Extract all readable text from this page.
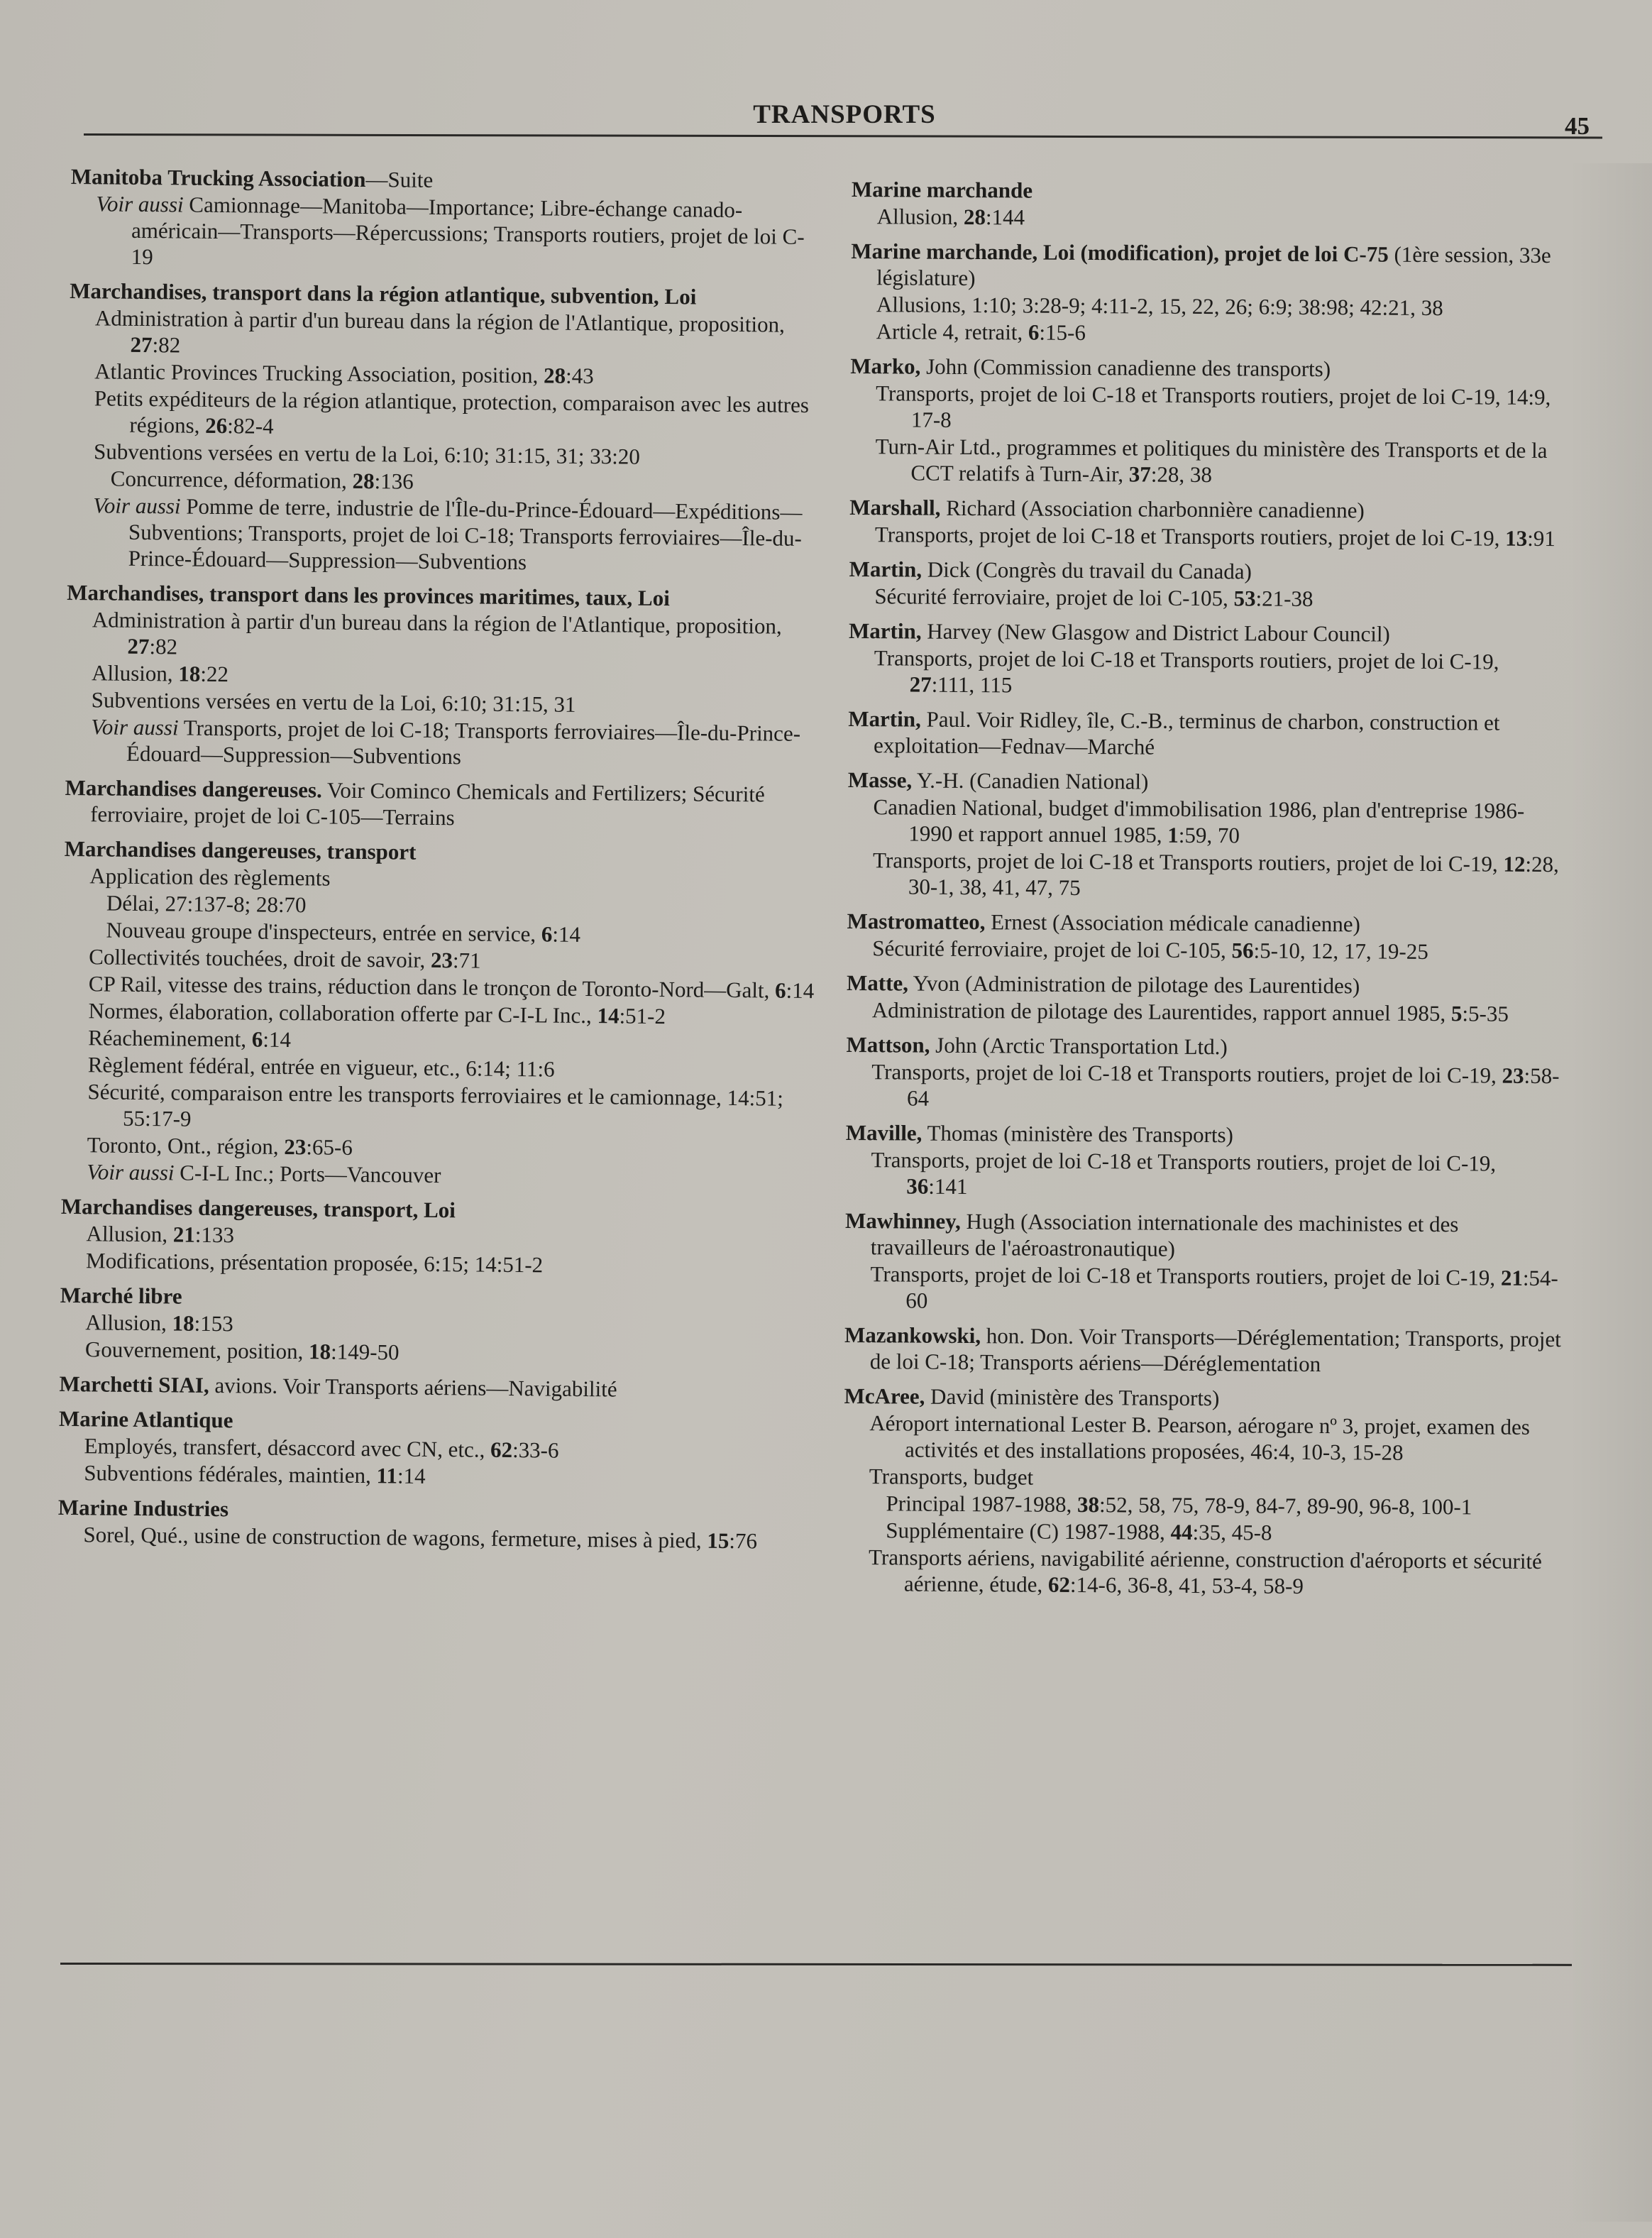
TRANSPORTS	45
Manitoba Trucking Association—Suite
Voir aussi Camionnage—Manitoba—Importance; Libre-échange canado-américain—Transports—Répercussions; Transports routiers, projet de loi C-19
Marchandises, transport dans la région atlantique, subvention, Loi
Administration à partir d'un bureau dans la région de l'Atlantique, proposition, 27:82
Atlantic Provinces Trucking Association, position, 28:43
Petits expéditeurs de la région atlantique, protection, comparaison avec les autres régions, 26:82-4
Subventions versées en vertu de la Loi, 6:10; 31:15, 31; 33:20
Concurrence, déformation, 28:136
Voir aussi Pomme de terre, industrie de l'Île-du-Prince-Édouard—Expéditions—Subventions; Transports, projet de loi C-18; Transports ferroviaires—Île-du-Prince-Édouard—Suppression—Subventions
Marchandises, transport dans les provinces maritimes, taux, Loi
Administration à partir d'un bureau dans la région de l'Atlantique, proposition, 27:82
Allusion, 18:22
Subventions versées en vertu de la Loi, 6:10; 31:15, 31
Voir aussi Transports, projet de loi C-18; Transports ferroviaires—Île-du-Prince-Édouard—Suppression—Subventions
Marchandises dangereuses. Voir Cominco Chemicals and Fertilizers; Sécurité ferroviaire, projet de loi C-105—Terrains
Marchandises dangereuses, transport
Application des règlements
Délai, 27:137-8; 28:70
Nouveau groupe d'inspecteurs, entrée en service, 6:14
Collectivités touchées, droit de savoir, 23:71
CP Rail, vitesse des trains, réduction dans le tronçon de Toronto-Nord—Galt, 6:14
Normes, élaboration, collaboration offerte par C-I-L Inc., 14:51-2
Réacheminement, 6:14
Règlement fédéral, entrée en vigueur, etc., 6:14; 11:6
Sécurité, comparaison entre les transports ferroviaires et le camionnage, 14:51; 55:17-9
Toronto, Ont., région, 23:65-6
Voir aussi C-I-L Inc.; Ports—Vancouver
Marchandises dangereuses, transport, Loi
Allusion, 21:133
Modifications, présentation proposée, 6:15; 14:51-2
Marché libre
Allusion, 18:153
Gouvernement, position, 18:149-50
Marchetti SIAI, avions. Voir Transports aériens—Navigabilité
Marine Atlantique
Employés, transfert, désaccord avec CN, etc., 62:33-6
Subventions fédérales, maintien, 11:14
Marine Industries
Sorel, Qué., usine de construction de wagons, fermeture, mises à pied, 15:76
Marine marchande
Allusion, 28:144
Marine marchande, Loi (modification), projet de loi C-75 (1ère session, 33e législature)
Allusions, 1:10; 3:28-9; 4:11-2, 15, 22, 26; 6:9; 38:98; 42:21, 38
Article 4, retrait, 6:15-6
Marko, John (Commission canadienne des transports)
Transports, projet de loi C-18 et Transports routiers, projet de loi C-19, 14:9, 17-8
Turn-Air Ltd., programmes et politiques du ministère des Transports et de la CCT relatifs à Turn-Air, 37:28, 38
Marshall, Richard (Association charbonnière canadienne)
Transports, projet de loi C-18 et Transports routiers, projet de loi C-19, 13:91
Martin, Dick (Congrès du travail du Canada)
Sécurité ferroviaire, projet de loi C-105, 53:21-38
Martin, Harvey (New Glasgow and District Labour Council)
Transports, projet de loi C-18 et Transports routiers, projet de loi C-19, 27:111, 115
Martin, Paul. Voir Ridley, île, C.-B., terminus de charbon, construction et exploitation—Fednav—Marché
Masse, Y.-H. (Canadien National)
Canadien National, budget d'immobilisation 1986, plan d'entreprise 1986-1990 et rapport annuel 1985, 1:59, 70
Transports, projet de loi C-18 et Transports routiers, projet de loi C-19, 12:28, 30-1, 38, 41, 47, 75
Mastromatteo, Ernest (Association médicale canadienne)
Sécurité ferroviaire, projet de loi C-105, 56:5-10, 12, 17, 19-25
Matte, Yvon (Administration de pilotage des Laurentides)
Administration de pilotage des Laurentides, rapport annuel 1985, 5:5-35
Mattson, John (Arctic Transportation Ltd.)
Transports, projet de loi C-18 et Transports routiers, projet de loi C-19, 23:58-64
Maville, Thomas (ministère des Transports)
Transports, projet de loi C-18 et Transports routiers, projet de loi C-19, 36:141
Mawhinney, Hugh (Association internationale des machinistes et des travailleurs de l'aéroastronautique)
Transports, projet de loi C-18 et Transports routiers, projet de loi C-19, 21:54-60
Mazankowski, hon. Don. Voir Transports—Déréglementation; Transports, projet de loi C-18; Transports aériens—Déréglementation
McAree, David (ministère des Transports)
Aéroport international Lester B. Pearson, aérogare nº 3, projet, examen des activités et des installations proposées, 46:4, 10-3, 15-28
Transports, budget
Principal 1987-1988, 38:52, 58, 75, 78-9, 84-7, 89-90, 96-8, 100-1
Supplémentaire (C) 1987-1988, 44:35, 45-8
Transports aériens, navigabilité aérienne, construction d'aéroports et sécurité aérienne, étude, 62:14-6, 36-8, 41, 53-4, 58-9
